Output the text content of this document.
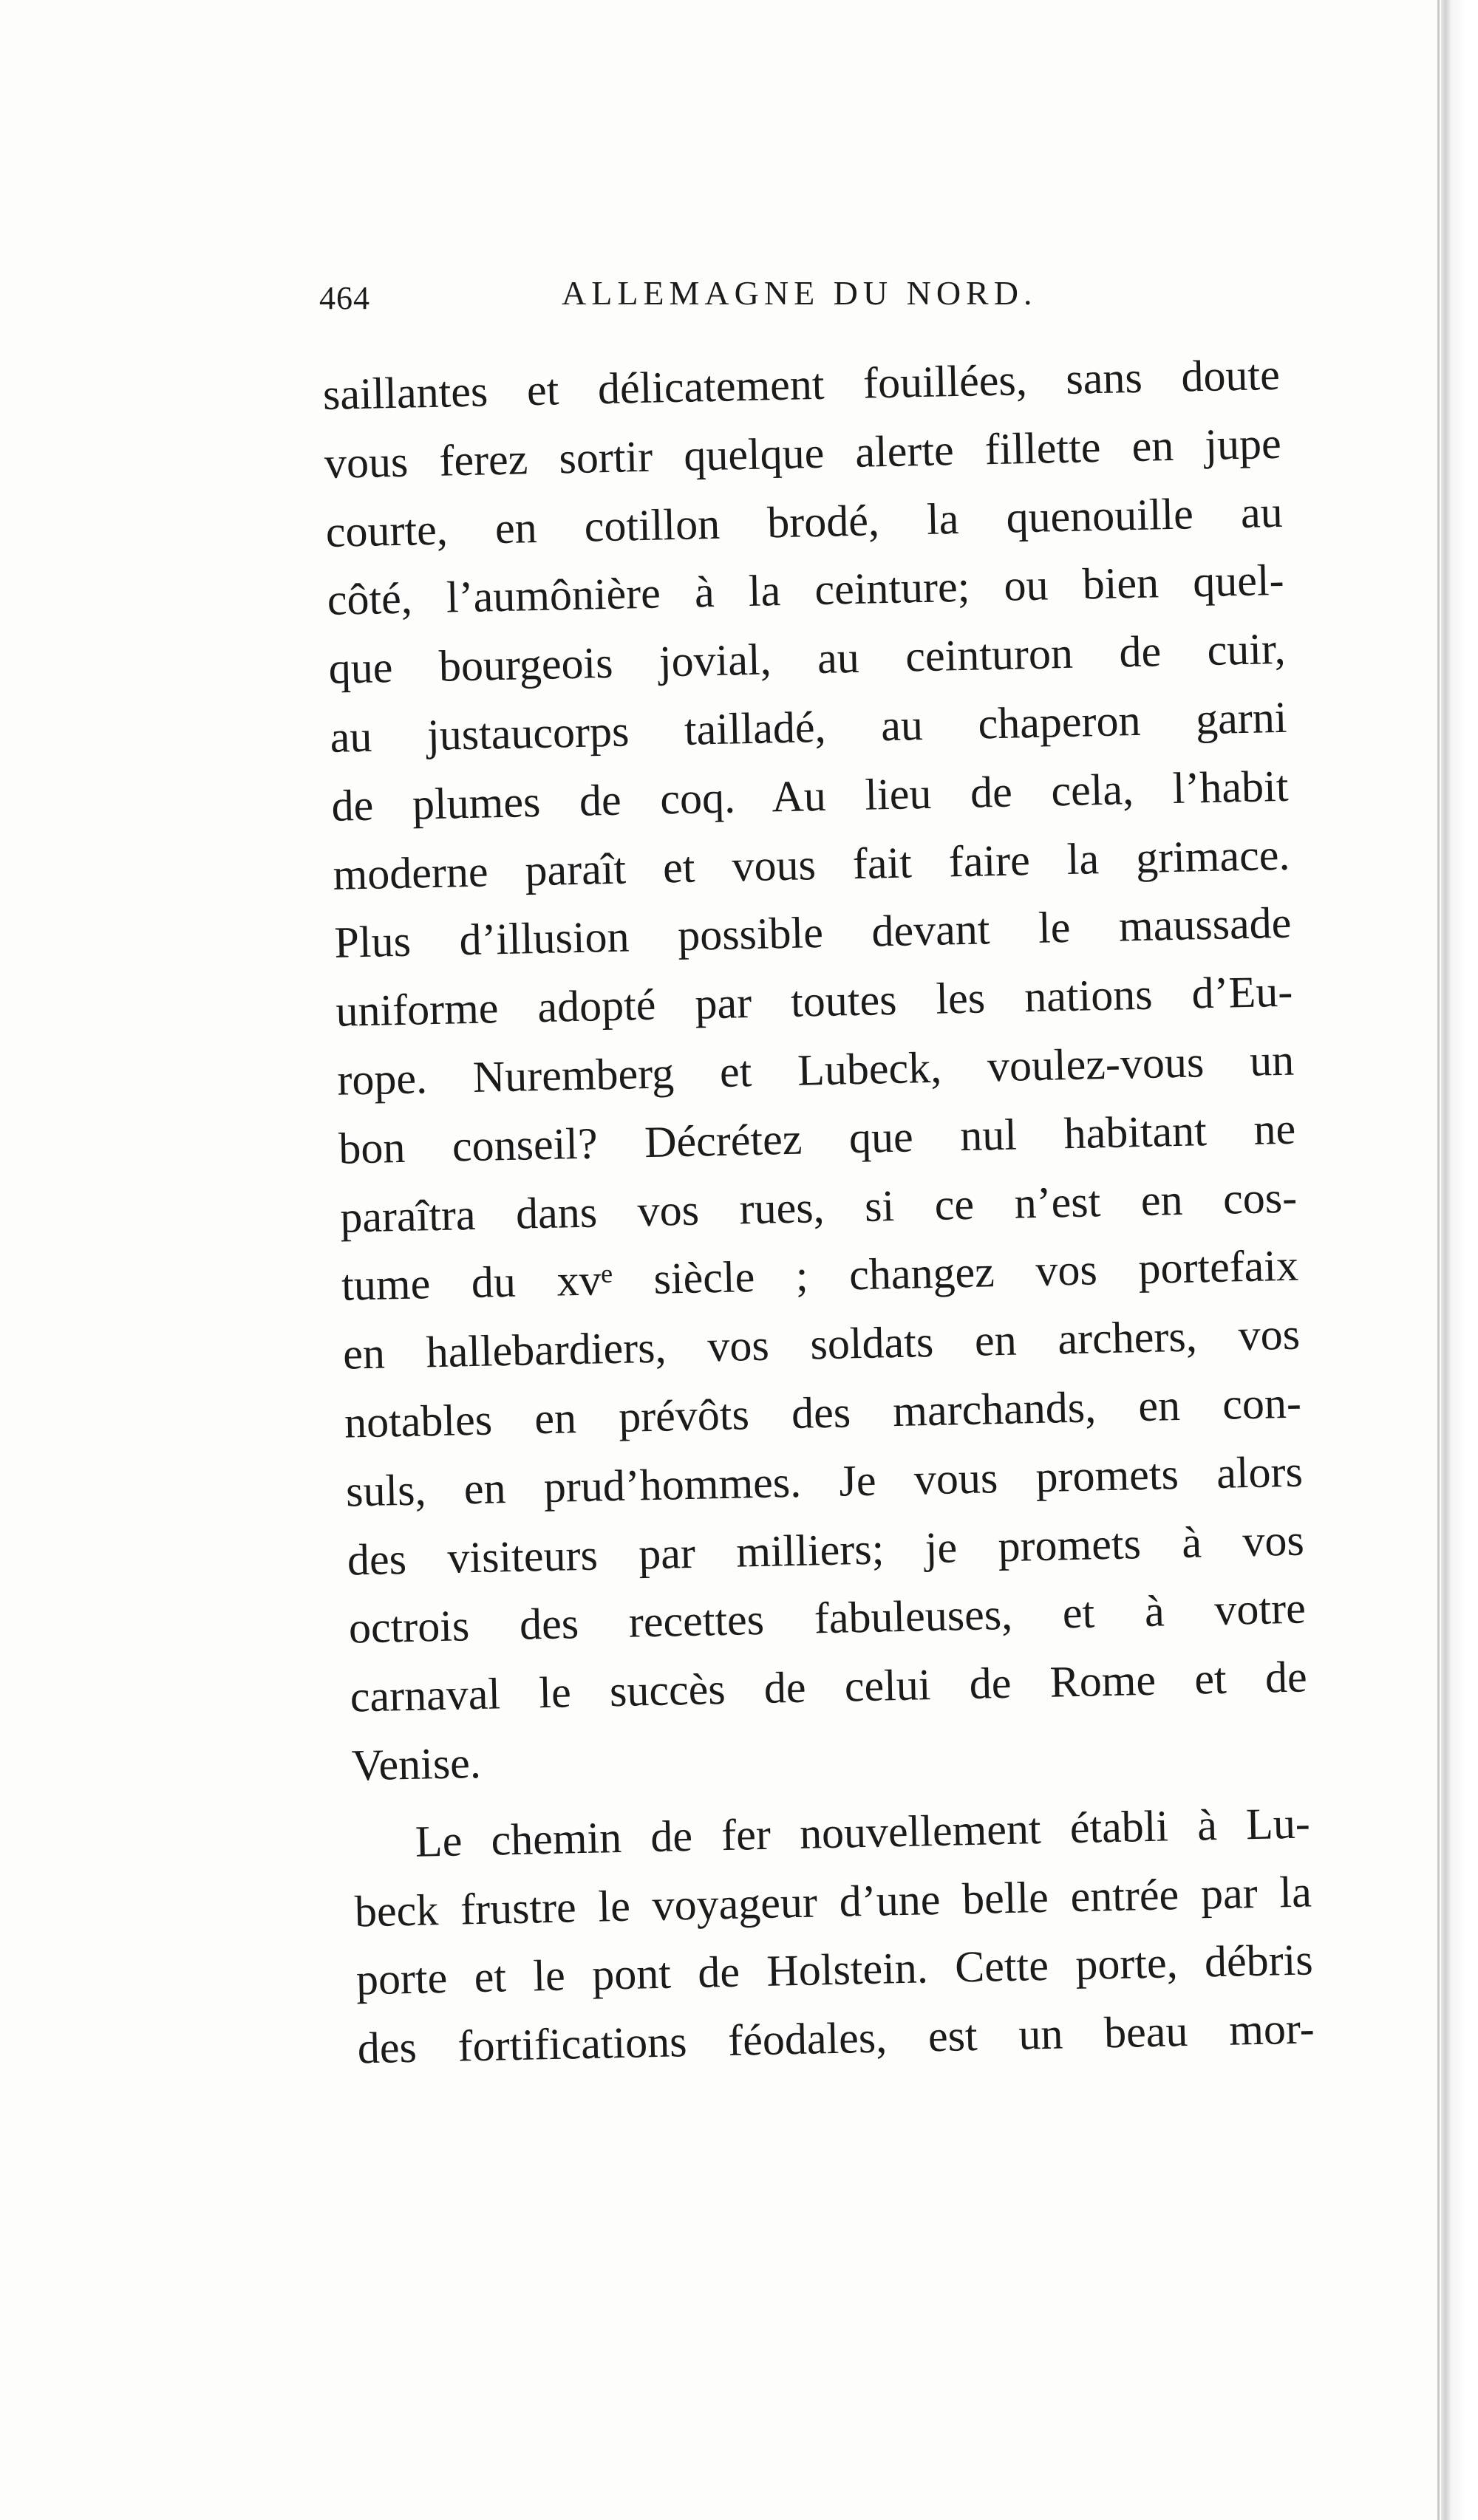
464	ALLEMAGNE DU NORD.
saillantes et délicatement fouillées, sans doute
vous ferez sortir quelque alerte fillette en jupe
courte, en cotillon brodé, la quenouille au
côté, l’aumônière à la ceinture; ou bien quel-
que bourgeois jovial, au ceinturon de cuir,
au justaucorps tailladé, au chaperon garni
de plumes de coq. Au lieu de cela, l’habit
moderne paraît et vous fait faire la grimace.
Plus d’illusion possible devant le maussade
uniforme adopté par toutes les nations d’Eu-
rope. Nuremberg et Lubeck, voulez-vous un
bon conseil? Décrétez que nul habitant ne
paraîtra dans vos rues, si ce n’est en cos-
tume du xvᵉ siècle ; changez vos portefaix
en hallebardiers, vos soldats en archers, vos
notables en prévôts des marchands, en con-
suls, en prud’hommes. Je vous promets alors
des visiteurs par milliers; je promets à vos
octrois des recettes fabuleuses, et à votre
carnaval le succès de celui de Rome et de
Venise.
Le chemin de fer nouvellement établi à Lu-
beck frustre le voyageur d’une belle entrée par la
porte et le pont de Holstein. Cette porte, débris
des fortifications féodales, est un beau mor-
